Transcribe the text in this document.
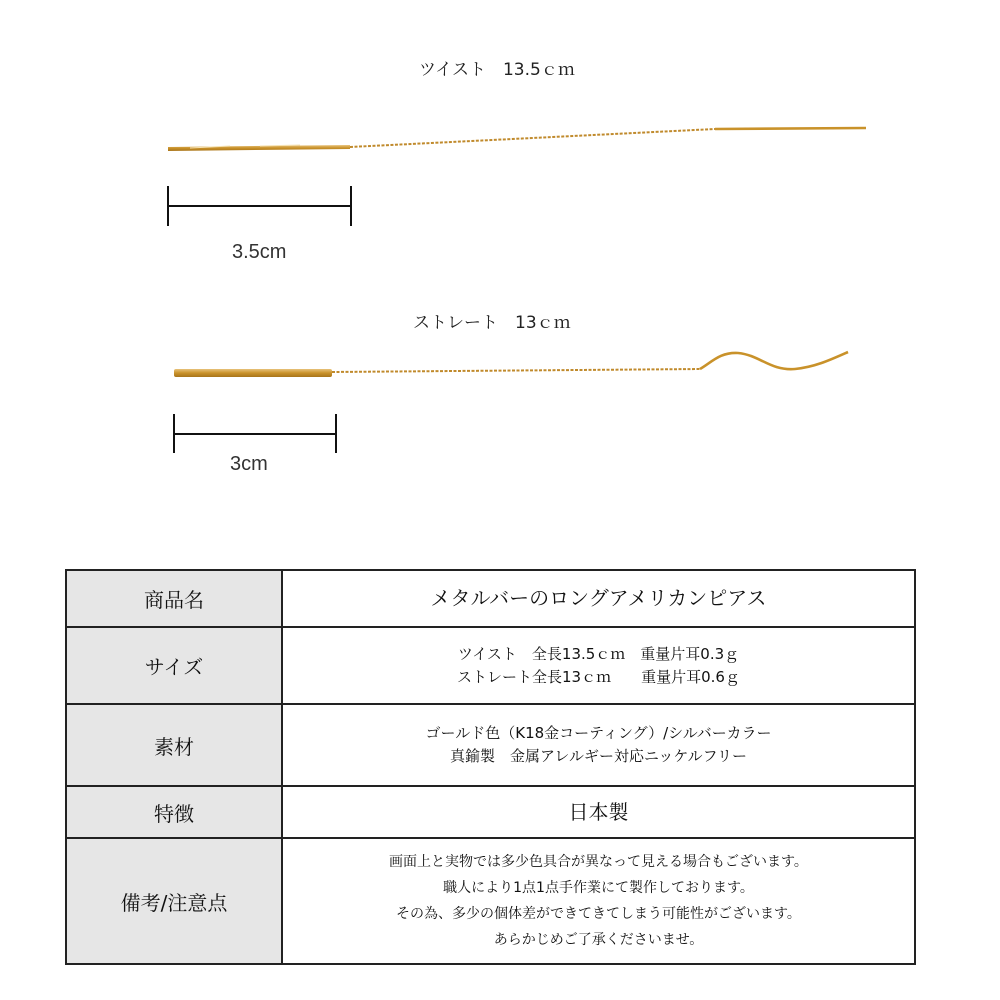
ツイスト　13.5ｃｍ
ストレート　13ｃｍ
3.5cm
3cm
商品名	メタルバーのロングアメリカンピアス
サイズ
ツイスト　全長13.5ｃｍ　重量片耳0.3ｇ
ストレート全長13ｃｍ　　重量片耳0.6ｇ
素材
ゴールド色（K18金コーティング）/シルバーカラー
真鍮製　金属アレルギー対応ニッケルフリー
特徴	日本製
備考/注意点
画面上と実物では多少色具合が異なって見える場合もございます。
職人により1点1点手作業にて製作しております。
その為、多少の個体差ができてきてしまう可能性がございます。
あらかじめご了承くださいませ。
